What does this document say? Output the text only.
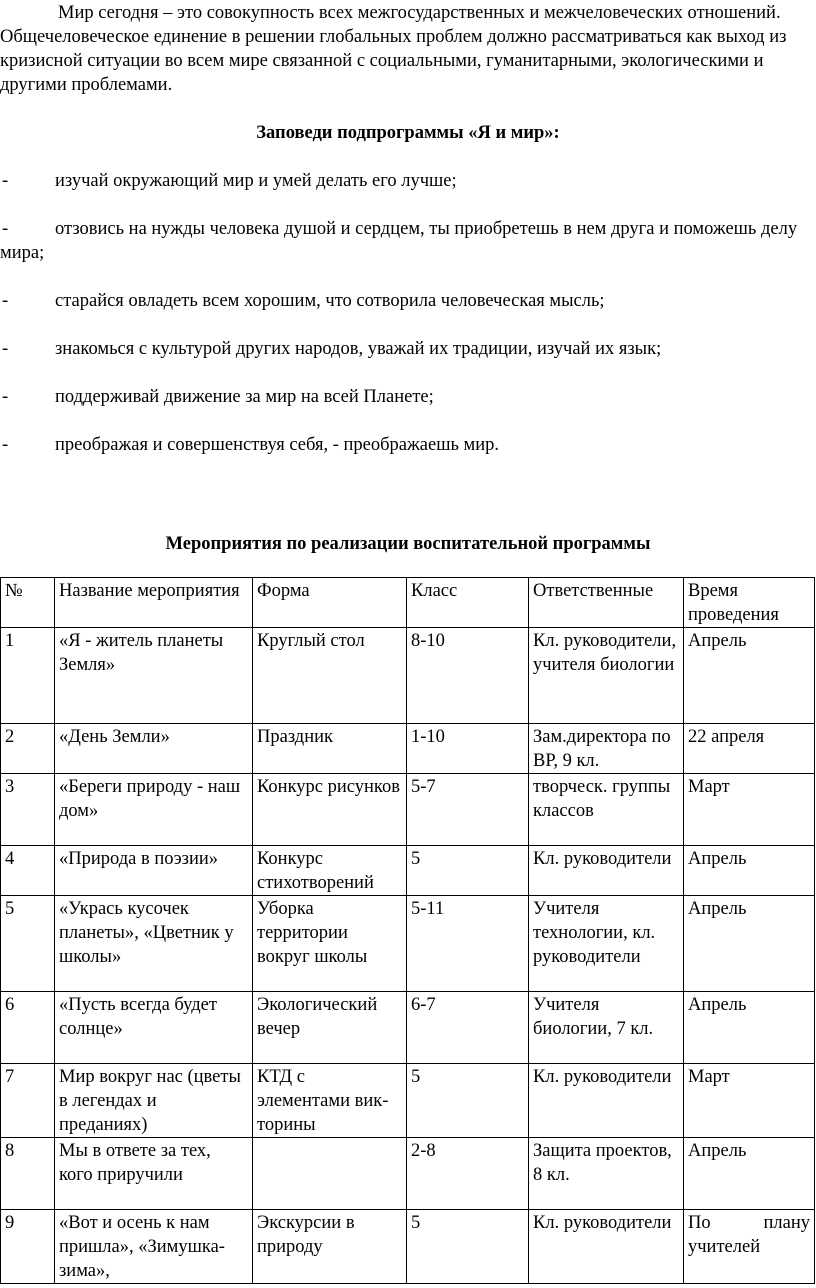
Мир сегодня – это совокупность всех межгосударственных и межчеловеческих отношений. Общечеловеческое единение в решении глобальных проблем должно рассматриваться как выход из кризисной ситуации во всем мире связанной с социальными, гуманитарными, экологическими и другими проблемами.

Заповеди подпрограммы «Я и мир»:

-	изучай окружающий мир и умей делать его лучше;
-	отзовись на нужды человека душой и сердцем, ты приобретешь в нем друга и поможешь делу мира;
-	старайся овладеть всем хорошим, что сотворила человеческая мысль;
-	знакомься с культурой других народов, уважай их традиции, изучай их язык;
-	поддерживай движение за мир на всей Планете;
-	преображая и совершенствуя себя, - преображаешь мир.

Мероприятия по реализации воспитательной программы

№	Название мероприятия	Форма	Класс	Ответственные	Время проведения
1	«Я - житель планеты Земля»	Круглый стол	8-10	Кл. руководители, учителя биологии	Апрель
2	«День Земли»	Праздник	1-10	Зам.директора по ВР, 9 кл.	22 апреля
3	«Береги природу - наш дом»	Конкурс рисунков	5-7	творческ. группы классов	Март
4	«Природа в поэзии»	Конкурс стихотворений	5	Кл. руководители	Апрель
5	«Укрась кусочек планеты», «Цветник у школы»	Уборка территории вокруг школы	5-11	Учителя технологии, кл. руководители	Апрель
6	«Пусть всегда будет солнце»	Экологический вечер	6-7	Учителя биологии, 7 кл.	Апрель
7	Мир вокруг нас (цветы в легендах и преданиях)	КТД с элементами вик-торины	5	Кл. руководители	Март
8	Мы в ответе за тех, кого приручили		2-8	Защита проектов, 8 кл.	Апрель
9	«Вот и осень к нам пришла», «Зимушка-зима»,	Экскурсии в природу	5	Кл. руководители	По плану учителей
